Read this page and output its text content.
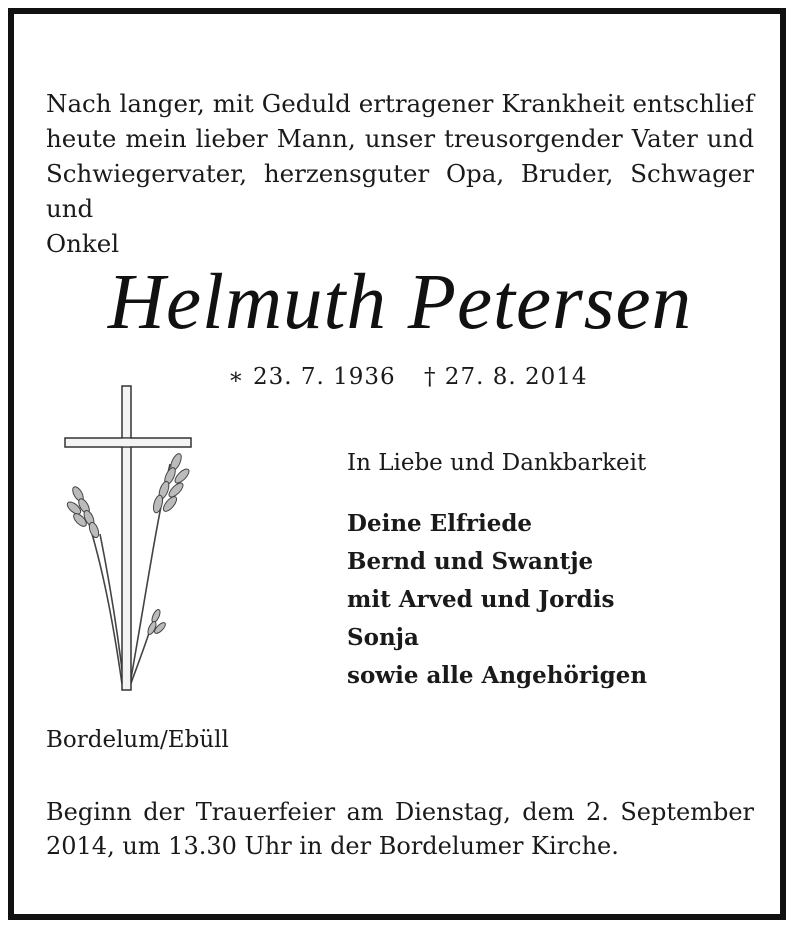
Nach langer, mit Geduld ertragener Krankheit entschlief
heute mein lieber Mann, unser treusorgender Vater und
Schwiegervater, herzensguter Opa, Bruder, Schwager und
Onkel
Helmuth Petersen
∗ 23. 7. 1936 † 27. 8. 2014
In Liebe und Dankbarkeit
Deine Elfriede
Bernd und Swantje
mit Arved und Jordis
Sonja
sowie alle Angehörigen
Bordelum/Ebüll
Beginn der Trauerfeier am Dienstag, dem 2. September
2014, um 13.30 Uhr in der Bordelumer Kirche.
